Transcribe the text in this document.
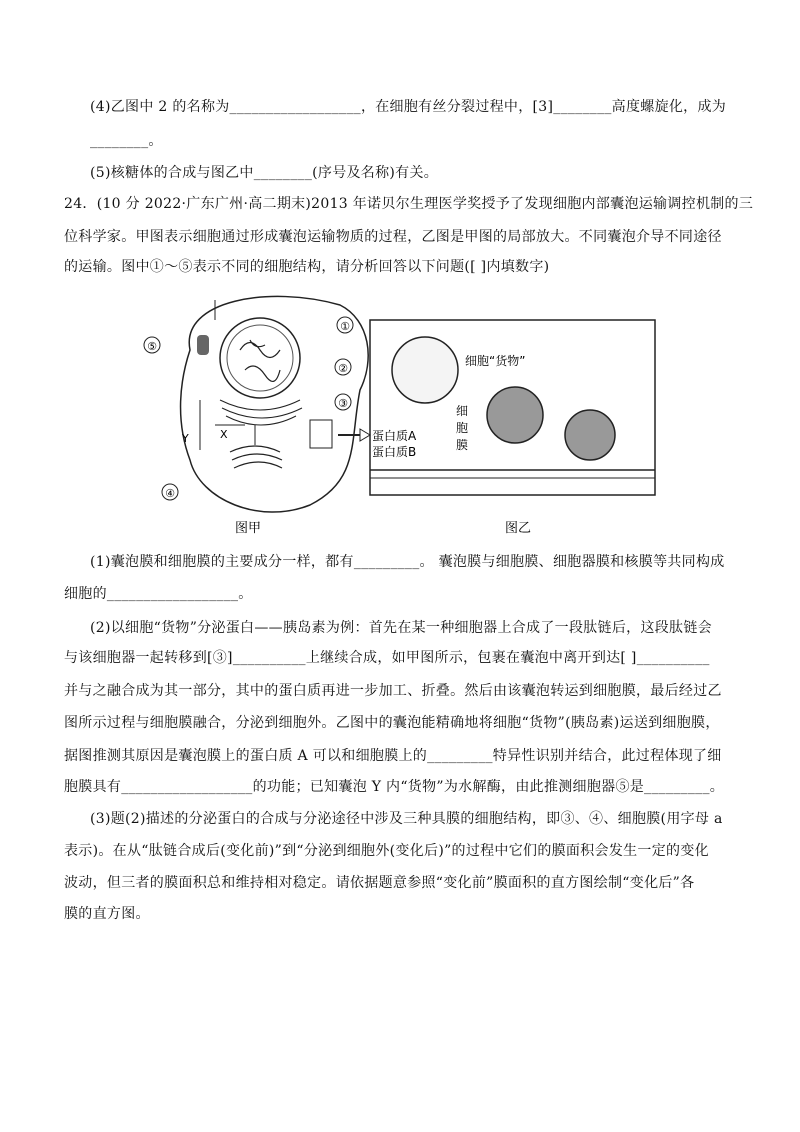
(4)乙图中 2 的名称为__________________，在细胞有丝分裂过程中，[3]________高度螺旋化，成为
________。
(5)核糖体的合成与图乙中________(序号及名称)有关。
24．(10 分 2022·广东广州·高二期末)2013 年诺贝尔生理医学奖授予了发现细胞内部囊泡运输调控机制的三
位科学家。甲图表示细胞通过形成囊泡运输物质的过程，乙图是甲图的局部放大。不同囊泡介导不同途径
的运输。图中①～⑤表示不同的细胞结构，请分析回答以下问题([ ]内填数字)
①
②
③
④
⑤
Y	X
图甲
细胞“货物”
蛋白质A
蛋白质B
细
胞
膜
图乙
(1)囊泡膜和细胞膜的主要成分一样，都有_________。 囊泡膜与细胞膜、细胞器膜和核膜等共同构成
细胞的__________________。
(2)以细胞“货物”分泌蛋白——胰岛素为例：首先在某一种细胞器上合成了一段肽链后，这段肽链会
与该细胞器一起转移到[③]__________上继续合成，如甲图所示，包裹在囊泡中离开到达[ ]__________
并与之融合成为其一部分，其中的蛋白质再进一步加工、折叠。然后由该囊泡转运到细胞膜，最后经过乙
图所示过程与细胞膜融合，分泌到细胞外。乙图中的囊泡能精确地将细胞“货物”(胰岛素)运送到细胞膜，
据图推测其原因是囊泡膜上的蛋白质 A 可以和细胞膜上的_________特异性识别并结合，此过程体现了细
胞膜具有__________________的功能；已知囊泡 Y 内“货物”为水解酶，由此推测细胞器⑤是_________。
(3)题(2)描述的分泌蛋白的合成与分泌途径中涉及三种具膜的细胞结构，即③、④、细胞膜(用字母 a
表示)。在从“肽链合成后(变化前)”到“分泌到细胞外(变化后)”的过程中它们的膜面积会发生一定的变化
波动，但三者的膜面积总和维持相对稳定。请依据题意参照“变化前”膜面积的直方图绘制“变化后”各
膜的直方图。
